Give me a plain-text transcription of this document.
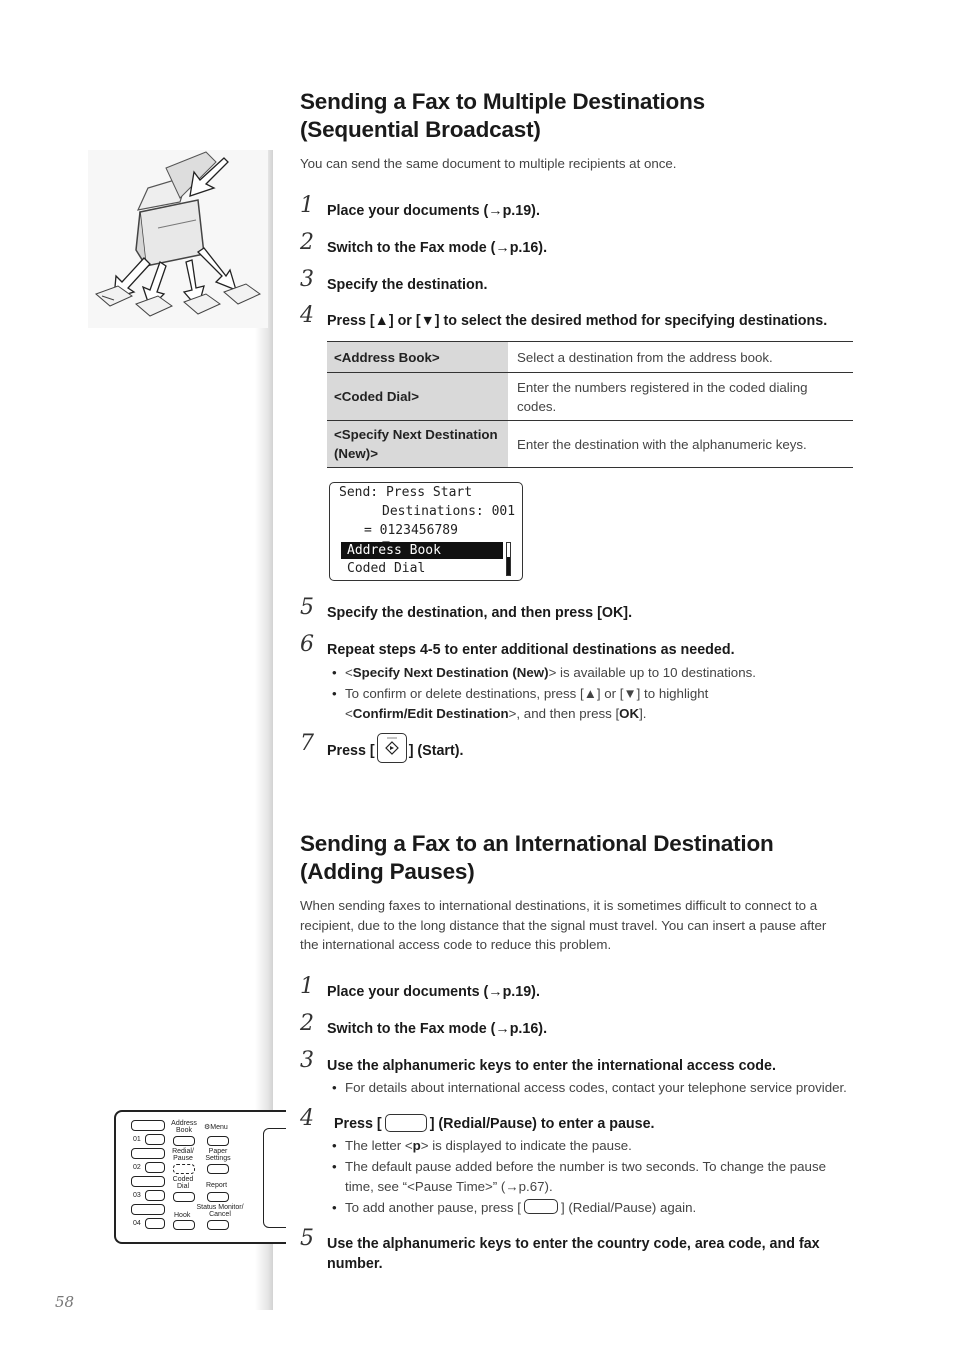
Sending a Fax to Multiple Destinations
(Sequential Broadcast)
You can send the same document to multiple recipients at once.
1 Place your documents (→p.19).
2 Switch to the Fax mode (→p.16).
3 Specify the destination.
4 Press [▲] or [▼] to select the desired method for specifying destinations.
<Address Book>	Select a destination from the address book.
<Coded Dial>	Enter the numbers registered in the coded dialing codes.
<Specify Next Destination (New)>	Enter the destination with the alphanumeric keys.
Send: Press Start
Destinations: 001

= 0123456789
Address Book
Coded Dial

5 Specify the destination, and then press [OK].
6 Repeat steps 4-5 to enter additional destinations as needed.
• <Specify Next Destination (New)> is available up to 10 destinations.
• To confirm or delete destinations, press [▲] or [▼] to highlight
<Confirm/Edit Destination>, and then press [OK].
7 Press [ ] (Start).
Sending a Fax to an International Destination
(Adding Pauses)
When sending faxes to international destinations, it is sometimes difficult to connect to a
recipient, due to the long distance that the signal must travel. You can insert a pause after
the international access code to reduce this problem.
1 Place your documents (→p.19).
2 Switch to the Fax mode (→p.16).
3 Use the alphanumeric keys to enter the international access code.
• For details about international access codes, contact your telephone service provider.
4 Press [	] (Redial/Pause) to enter a pause.
• The letter <p> is displayed to indicate the pause.
• The default pause added before the number is two seconds. To change the pause
time, see “<Pause Time>” (→p.67).
• To add another pause, press [	] (Redial/Pause) again.
5 Use the alphanumeric keys to enter the country code, area code, and fax
number.
01
02
03
04
Address Book	⚙Menu
Redial/ Pause
Paper Settings
Coded Dial	Report
Hook
Status Monitor/ Cancel
58
